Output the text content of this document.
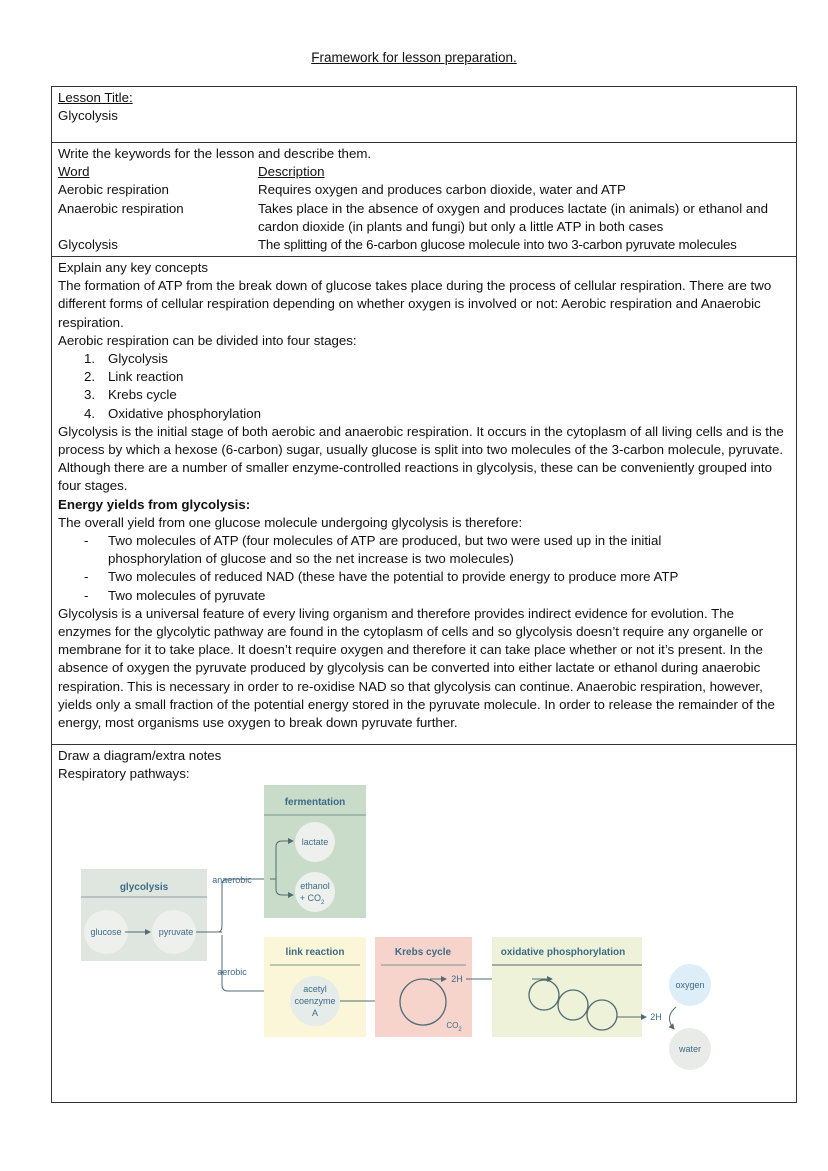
Framework for lesson preparation.
Lesson Title:
Glycolysis
Write the keywords for the lesson and describe them.
Word	Description
Aerobic respiration	Requires oxygen and produces carbon dioxide, water and ATP
Anaerobic respiration	Takes place in the absence of oxygen and produces lactate (in animals) or ethanol and cardon dioxide (in plants and fungi) but only a little ATP in both cases
Glycolysis	The splitting of the 6-carbon glucose molecule into two 3-carbon pyruvate molecules
Explain any key concepts
The formation of ATP from the break down of glucose takes place during the process of cellular respiration. There are two different forms of cellular respiration depending on whether oxygen is involved or not: Aerobic respiration and Anaerobic respiration.
Aerobic respiration can be divided into four stages:
1. Glycolysis
2. Link reaction
3. Krebs cycle
4. Oxidative phosphorylation
Glycolysis is the initial stage of both aerobic and anaerobic respiration. It occurs in the cytoplasm of all living cells and is the process by which a hexose (6-carbon) sugar, usually glucose is split into two molecules of the 3-carbon molecule, pyruvate. Although there are a number of smaller enzyme-controlled reactions in glycolysis, these can be conveniently grouped into four stages.
Energy yields from glycolysis:
The overall yield from one glucose molecule undergoing glycolysis is therefore:
-	Two molecules of ATP (four molecules of ATP are produced, but two were used up in the initial phosphorylation of glucose and so the net increase is two molecules)
-	Two molecules of reduced NAD (these have the potential to provide energy to produce more ATP
-	Two molecules of pyruvate
Glycolysis is a universal feature of every living organism and therefore provides indirect evidence for evolution. The enzymes for the glycolytic pathway are found in the cytoplasm of cells and so glycolysis doesn’t require any organelle or membrane for it to take place. It doesn’t require oxygen and therefore it can take place whether or not it’s present. In the absence of oxygen the pyruvate produced by glycolysis can be converted into either lactate or ethanol during anaerobic respiration. This is necessary in order to re-oxidise NAD so that glycolysis can continue. Anaerobic respiration, however, yields only a small fraction of the potential energy stored in the pyruvate molecule. In order to release the remainder of the energy, most organisms use oxygen to break down pyruvate further.
Draw a diagram/extra notes
Respiratory pathways:
glycolysis
glucose	pyruvate
anaerobic
aerobic
fermentation
lactate
ethanol
+ $CO_2$
link reaction
acetyl
coenzyme
A
Krebs cycle
2H
$CO_2$
oxidative phosphorylation
2H
oxygen
water
